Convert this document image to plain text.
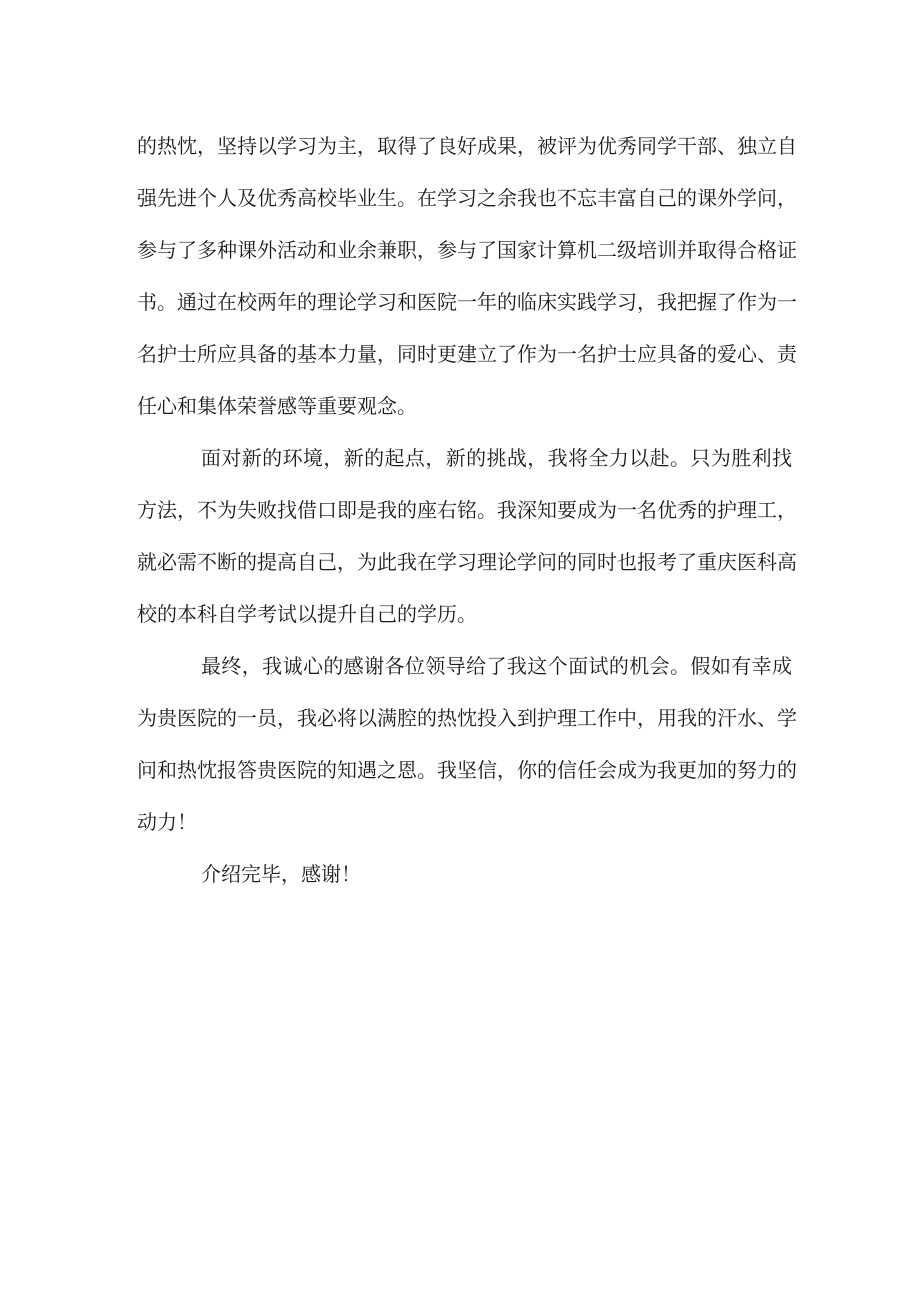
的热忱，坚持以学习为主，取得了良好成果，被评为优秀同学干部、独立自

强先进个人及优秀高校毕业生。在学习之余我也不忘丰富自己的课外学问，

参与了多种课外活动和业余兼职，参与了国家计算机二级培训并取得合格证

书。通过在校两年的理论学习和医院一年的临床实践学习，我把握了作为一

名护士所应具备的基本力量，同时更建立了作为一名护士应具备的爱心、责

任心和集体荣誉感等重要观念。

面对新的环境，新的起点，新的挑战，我将全力以赴。只为胜利找

方法，不为失败找借口即是我的座右铭。我深知要成为一名优秀的护理工，

就必需不断的提高自己，为此我在学习理论学问的同时也报考了重庆医科高

校的本科自学考试以提升自己的学历。

最终，我诚心的感谢各位领导给了我这个面试的机会。假如有幸成

为贵医院的一员，我必将以满腔的热忱投入到护理工作中，用我的汗水、学

问和热忱报答贵医院的知遇之恩。我坚信，你的信任会成为我更加的努力的

动力！

介绍完毕，感谢！
